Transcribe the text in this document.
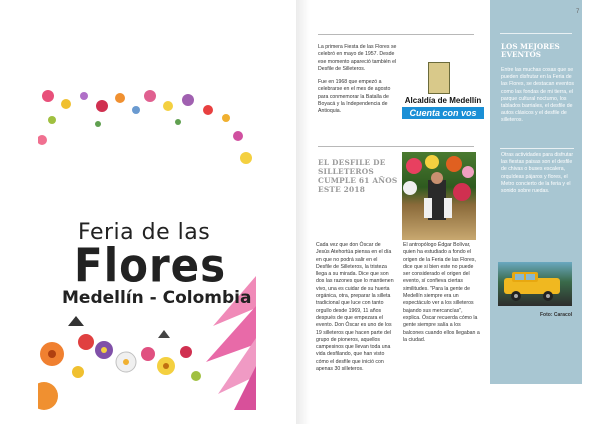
Feria de las
Flores
Medellín - Colombia

La primera Fiesta de las Flores se celebró en mayo de 1957. Desde ese momento apareció también el Desfile de Silleteros.

Fue en 1968 que empezó a celebrarse en el mes de agosto para conmemorar la Batalla de Boyacá y la Independencia de Antioquia.

Alcaldía de Medellín
Cuenta con vos
EL DESFILE DE SILLETEROS CUMPLE 61 AÑOS ESTE 2018
Cada vez que don Óscar de Jesús Atehortúa piensa en el día en que no podrá salir en el Desfile de Silleteros, la tristeza llega a su mirada. Dice que son dos las razones que lo mantienen vivo, una es cuidar de su huerta orgánica, otra, preparar la silleta tradicional que luce con tanto orgullo desde 1969, 11 años después de que empezara el evento. Don Óscar es uno de los 19 silleteros que hacen parte del grupo de pioneros, aquellos campesinos que llevan toda una vida desfilando, que han visto cómo el desfile que inició con apenas 30 silleteros.
El antropólogo Édgar Bolívar, quien ha estudiado a fondo el origen de la Feria de las Flores, dice que si bien este no puede ser considerado el origen del evento, sí confieva ciertas similitudes. "Para la gente de Medellín siempre era un espectáculo ver a los silleteros bajando sus mercancías", explica. Óscar recuerda cómo la gente siempre salía a los balcones cuando ellos llegaban a la ciudad.
7
LOS MEJORES EVENTOS
Entre las muchas cosas que se pueden disfrutar en la Feria de las Flores, se destacan eventos como las fondas de mi tierra, el parque cultural nocturno, los tablados barriales, el desfile de autos clásicos y el desfile de silleteros.
Otras actividades para disfrutar las fiestas paisas son el desfile de chivas o buses escalera, orquídeas pájaros y flores, el Metro concierto de la feria y el sonido sobre ruedas.
Foto: Caracol
